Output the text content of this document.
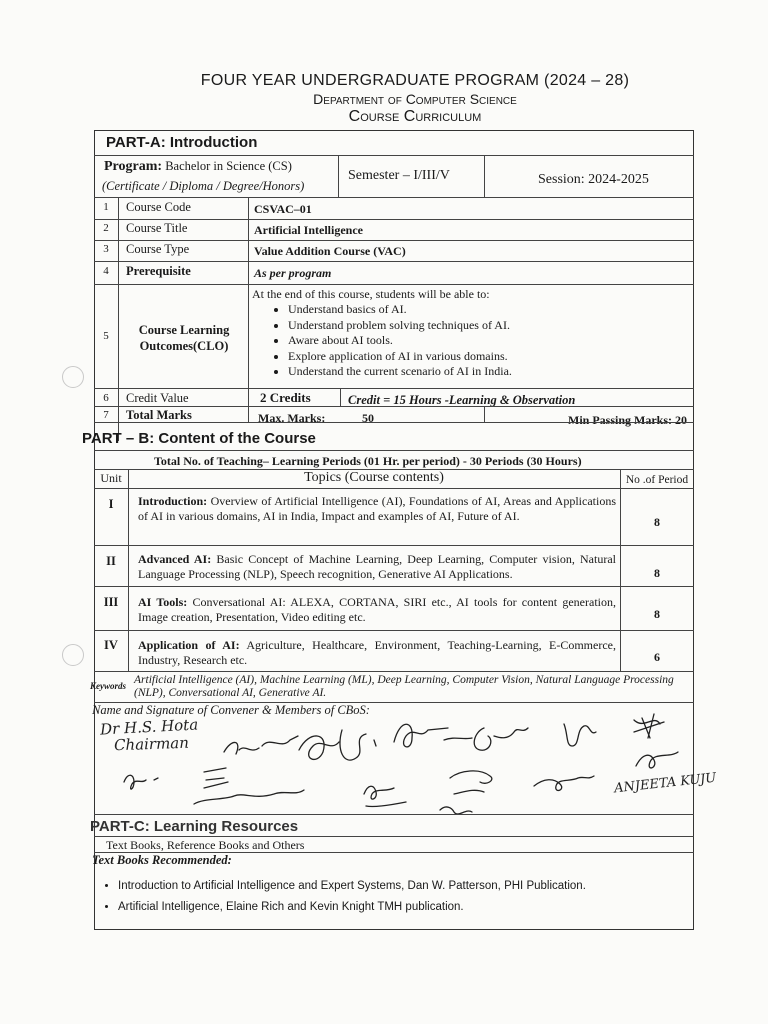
FOUR YEAR UNDERGRADUATE PROGRAM (2024 – 28)
Department of Computer Science
Course Curriculum
PART-A: Introduction
Program: Bachelor in Science (CS)
(Certificate / Diploma / Degree/Honors)
Semester – I/III/V	Session: 2024-2025
1	Course Code	CSVAC–01
2	Course Title	Artificial Intelligence
3	Course Type	Value Addition Course (VAC)
4	Prerequisite	As per program
5	Course Learning
Outcomes(CLO)
At the end of this course, students will be able to:
• Understand basics of AI.
• Understand problem solving techniques of AI.
• Aware about AI tools.
• Explore application of AI in various domains.
• Understand the current scenario of AI in India.
6	Credit Value	2 Credits	Credit = 15 Hours -Learning & Observation
7	Total Marks	Max. Marks:	50	Min Passing Marks: 20
PART – B: Content of the Course
Total No. of Teaching– Learning Periods (01 Hr. per period) - 30 Periods (30 Hours)
Unit	Topics (Course contents)	No .of Period
I	Introduction: Overview of Artificial Intelligence (AI), Foundations of AI, Areas and Applications of AI in various domains, AI in India, Impact and examples of AI, Future of AI.	8
II	Advanced AI: Basic Concept of Machine Learning, Deep Learning, Computer vision, Natural Language Processing (NLP), Speech recognition, Generative AI Applications.	8
III	AI Tools: Conversational AI: ALEXA, CORTANA, SIRI etc., AI tools for content generation, Image creation, Presentation, Video editing etc.	8
IV	Application of AI: Agriculture, Healthcare, Environment, Teaching-Learning, E-Commerce, Industry, Research etc.	6
Keywords Artificial Intelligence (AI), Machine Learning (ML), Deep Learning, Computer Vision, Natural Language Processing (NLP), Conversational AI, Generative AI.
Name and Signature of Convener & Members of CBoS:
Dr H.S. Hota
Chairman
ANJEETA KUJU
PART-C: Learning Resources
Text Books, Reference Books and Others
Text Books Recommended:
• Introduction to Artificial Intelligence and Expert Systems, Dan W. Patterson, PHI Publication.
• Artificial Intelligence, Elaine Rich and Kevin Knight TMH publication.
